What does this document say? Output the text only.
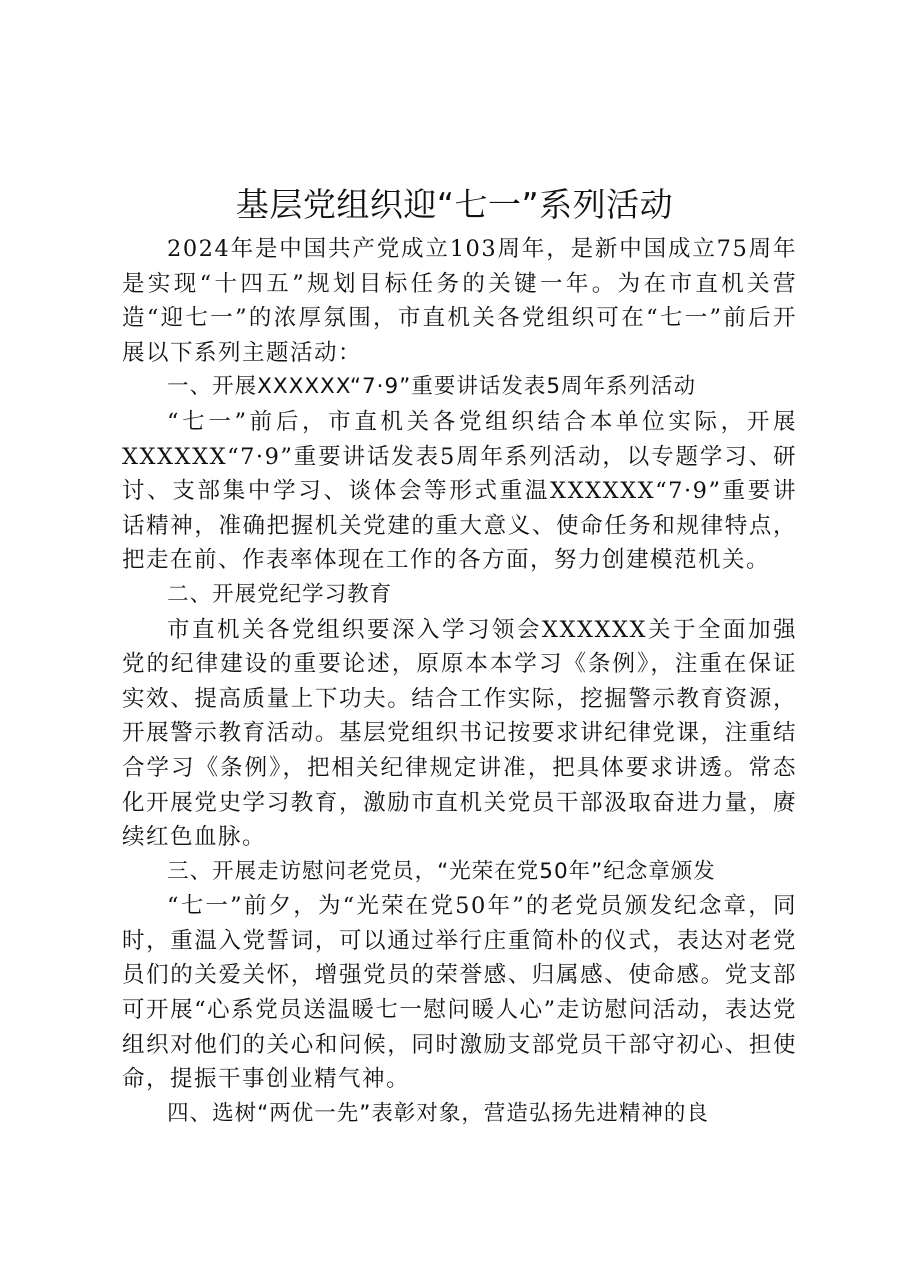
基层党组织迎“七一”系列活动

2024年是中国共产党成立103周年，是新中国成立75周年是实现“十四五”规划目标任务的关键一年。为在市直机关营造“迎七一”的浓厚氛围，市直机关各党组织可在“七一”前后开展以下系列主题活动：

一、开展XXXXXX“7·9”重要讲话发表5周年系列活动

“七一”前后，市直机关各党组织结合本单位实际，开展XXXXXX“7·9”重要讲话发表5周年系列活动，以专题学习、研讨、支部集中学习、谈体会等形式重温XXXXXX“7·9”重要讲话精神，准确把握机关党建的重大意义、使命任务和规律特点，把走在前、作表率体现在工作的各方面，努力创建模范机关。

二、开展党纪学习教育

市直机关各党组织要深入学习领会XXXXXX关于全面加强党的纪律建设的重要论述，原原本本学习《条例》，注重在保证实效、提高质量上下功夫。结合工作实际，挖掘警示教育资源，开展警示教育活动。基层党组织书记按要求讲纪律党课，注重结合学习《条例》，把相关纪律规定讲准，把具体要求讲透。常态化开展党史学习教育，激励市直机关党员干部汲取奋进力量，赓续红色血脉。

三、开展走访慰问老党员，“光荣在党50年”纪念章颁发

“七一”前夕，为“光荣在党50年”的老党员颁发纪念章，同时，重温入党誓词，可以通过举行庄重简朴的仪式，表达对老党员们的关爱关怀，增强党员的荣誉感、归属感、使命感。党支部可开展“心系党员送温暖七一慰问暖人心”走访慰问活动，表达党组织对他们的关心和问候，同时激励支部党员干部守初心、担使命，提振干事创业精气神。

四、选树“两优一先”表彰对象，营造弘扬先进精神的良
